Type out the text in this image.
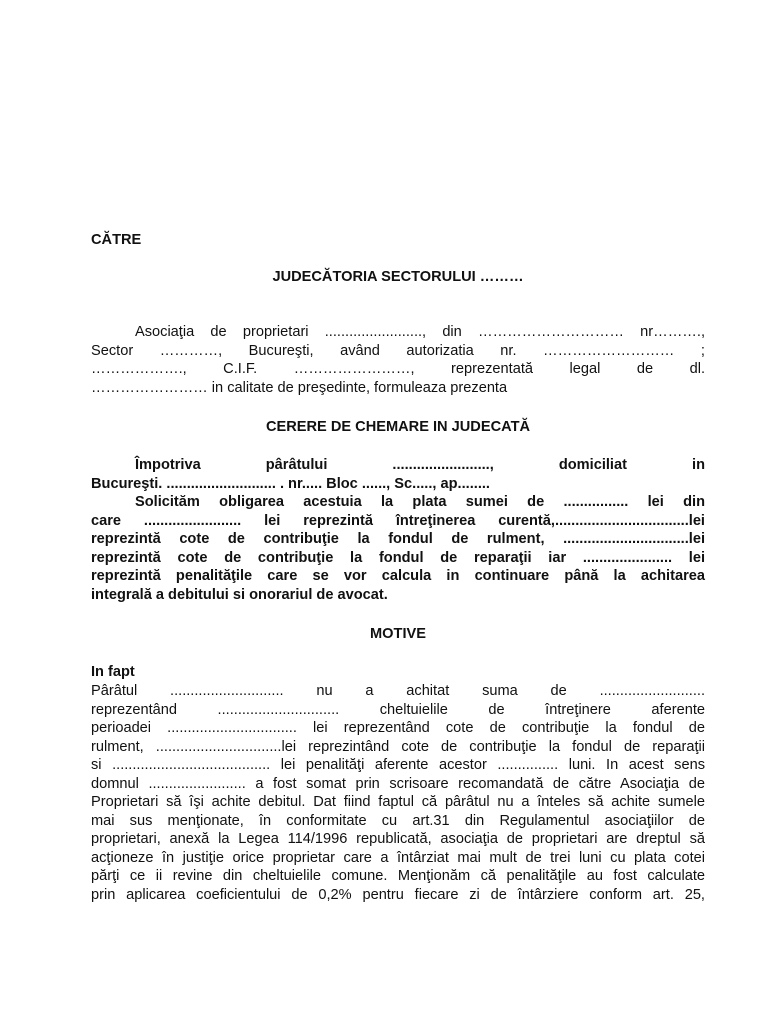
CĂTRE
JUDECĂTORIA SECTORULUI ………
Asociaţia de proprietari ........................, din ………………………… nr……….,
Sector …………, Bucureşti, având autorizatia nr. ……………………… ;
………………., C.I.F. ……………………, reprezentată legal de dl.
…………………… in calitate de preşedinte, formuleaza prezenta
CERERE DE CHEMARE IN JUDECATĂ
Împotriva pârâtului ........................, domiciliat in
Bucureşti. ........................... . nr..... Bloc ......, Sc....., ap........
Solicităm obligarea acestuia la plata sumei de ................ lei din
care ........................ lei reprezintă întreţinerea curentă,.................................lei
reprezintă cote de contribuţie la fondul de rulment, ...............................lei
reprezintă cote de contribuţie la fondul de reparaţii iar ...................... lei
reprezintă penalităţile care se vor calcula in continuare până la achitarea
integrală a debitului si onorariul de avocat.
MOTIVE
In fapt
Pârâtul ............................ nu a achitat suma de ..........................
reprezentând .............................. cheltuielile de întreţinere aferente
perioadei ................................ lei reprezentând cote de contribuţie la fondul de
rulment, ...............................lei reprezintând cote de contribuţie la fondul de reparaţii
si ....................................... lei penalităţi aferente acestor ............... luni. In acest sens
domnul ........................ a fost somat prin scrisoare recomandată de către Asociaţia de
Proprietari să îşi achite debitul. Dat fiind faptul că pârâtul nu a înteles să achite sumele
mai sus menţionate, în conformitate cu art.31 din Regulamentul asociaţiilor de
proprietari, anexă la Legea 114/1996 republicată, asociaţia de proprietari are dreptul să
acţioneze în justiţie orice proprietar care a întârziat mai mult de trei luni cu plata cotei
părţi ce ii revine din cheltuielile comune. Menţionăm că penalităţile au fost calculate
prin aplicarea coeficientului de 0,2% pentru fiecare zi de întârziere conform art. 25,
